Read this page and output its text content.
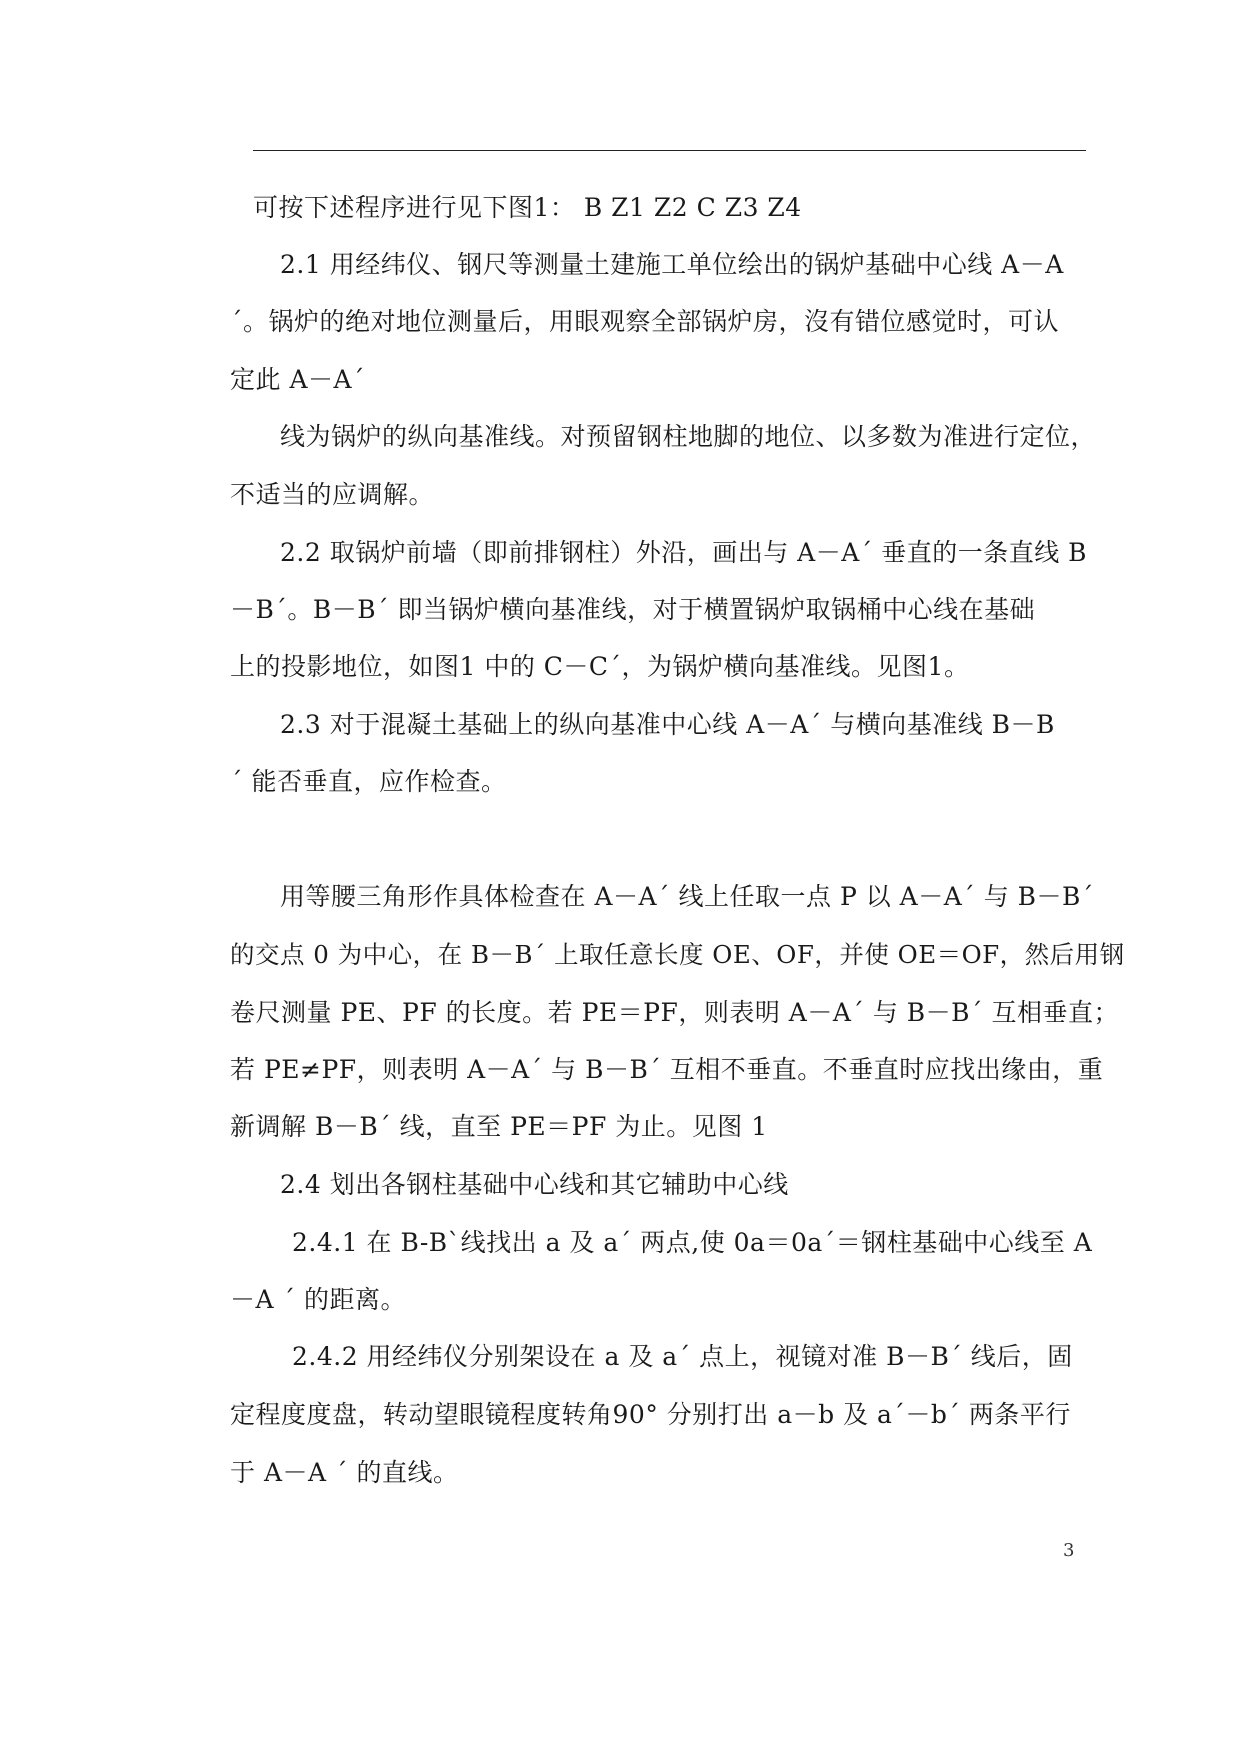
可按下述程序进行见下图1： B Z1 Z2 C Z3 Z4
2.1 用经纬仪、钢尺等测量土建施工单位绘出的锅炉基础中心线 A－A
´。锅炉的绝对地位测量后，用眼观察全部锅炉房，沒有错位感觉时，可认
定此 A－A´
线为锅炉的纵向基准线。对预留钢柱地脚的地位、以多数为准进行定位，
不适当的应调解。
2.2 取锅炉前墙（即前排钢柱）外沿，画出与 A－A´ 垂直的一条直线 B
－B´。B－B´ 即当锅炉横向基准线，对于横置锅炉取锅桶中心线在基础
上的投影地位，如图1 中的 C－C´，为锅炉横向基准线。见图1。
2.3 对于混凝土基础上的纵向基准中心线 A－A´ 与横向基准线 B－B
´ 能否垂直，应作检查。
用等腰三角形作具体检查在 A－A´ 线上任取一点 P 以 A－A´ 与 B－B´
的交点 0 为中心，在 B－B´ 上取任意长度 OE、OF，并使 OE＝OF，然后用钢
卷尺测量 PE、PF 的长度。若 PE＝PF，则表明 A－A´ 与 B－B´ 互相垂直；
若 PE≠PF，则表明 A－A´ 与 B－B´ 互相不垂直。不垂直时应找出缘由，重
新调解 B－B´ 线，直至 PE＝PF 为止。见图 1
2.4 划出各钢柱基础中心线和其它辅助中心线
2.4.1 在 B-B`线找出 a 及 a´ 两点,使 0a＝0a´＝钢柱基础中心线至 A
－A ´ 的距离。
2.4.2 用经纬仪分别架设在 a 及 a´ 点上，视镜对准 B－B´ 线后，固
定程度度盘，转动望眼镜程度转角90° 分别打出 a－b 及 a´－b´ 两条平行
于 A－A ´ 的直线。
3
